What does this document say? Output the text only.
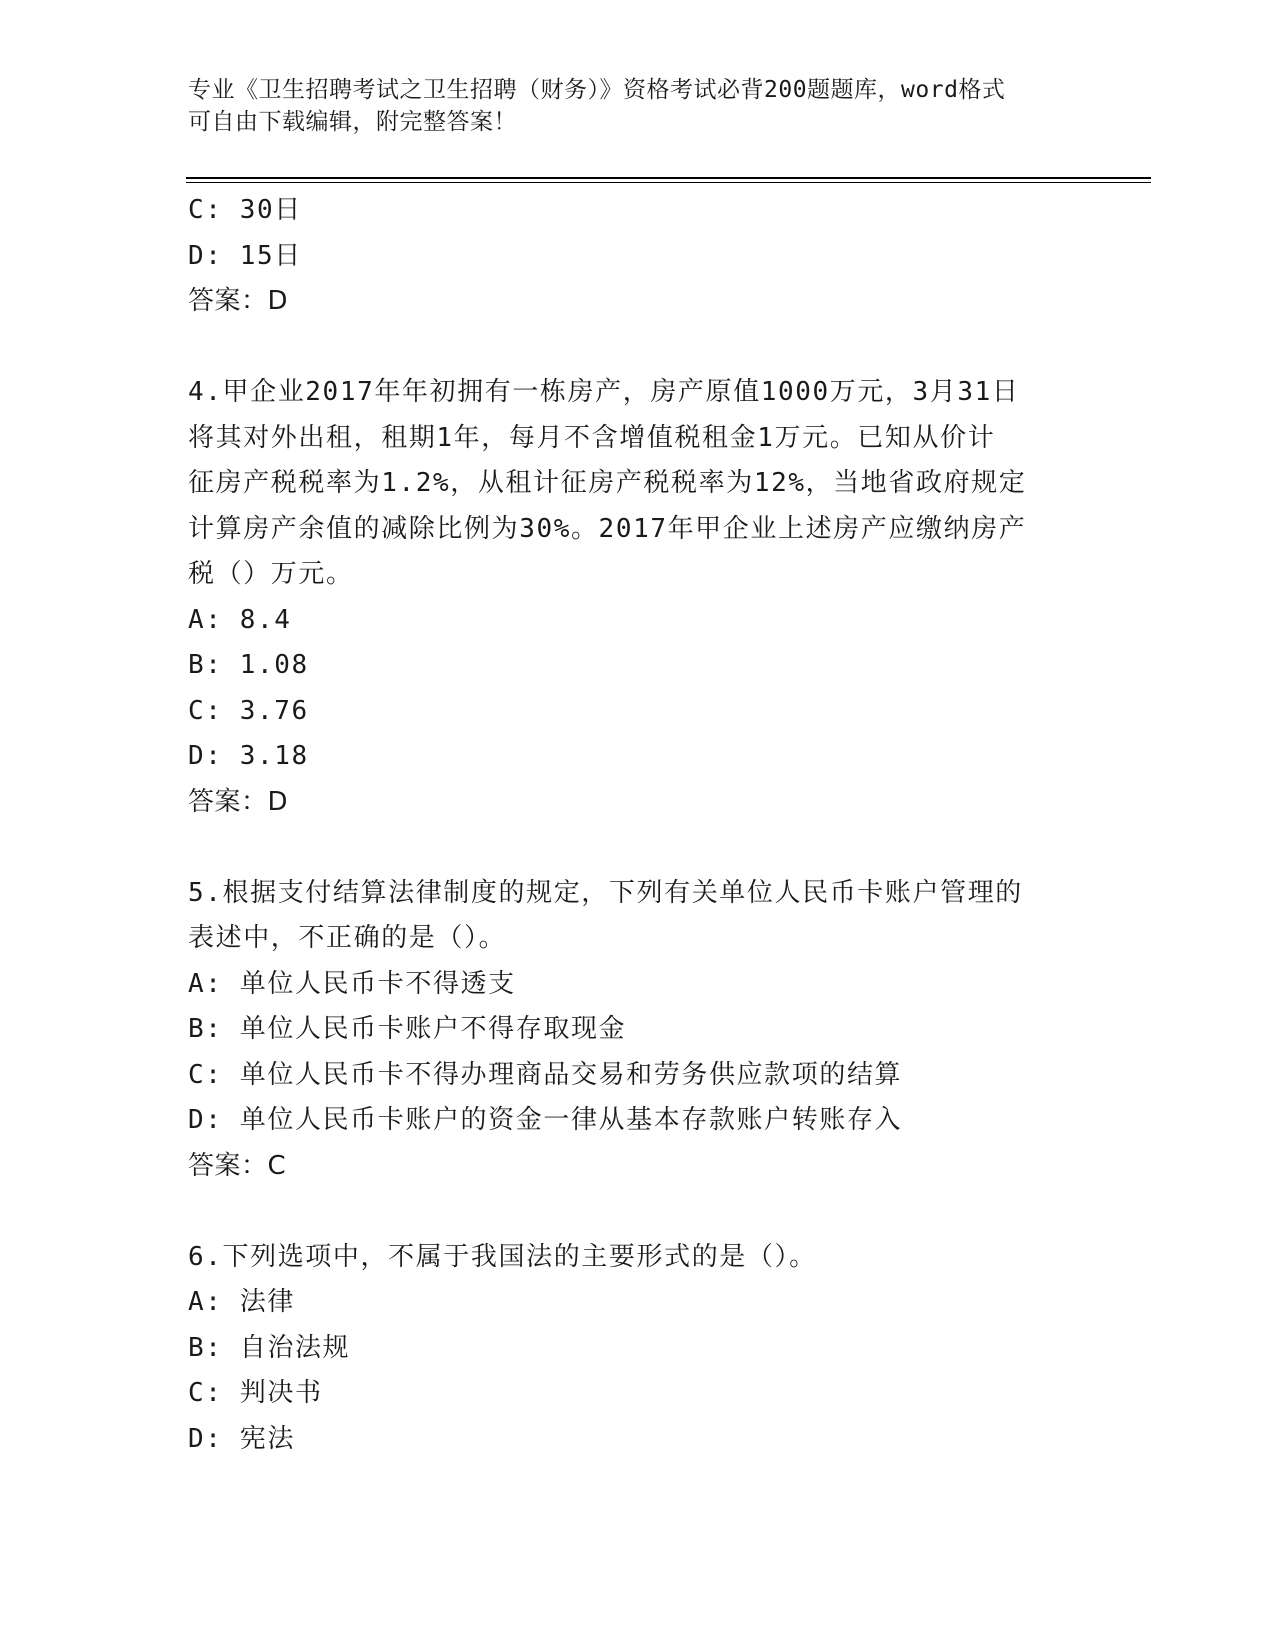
专业《卫生招聘考试之卫生招聘（财务）》资格考试必背200题题库，word格式
可自由下载编辑，附完整答案！
C: 30日
D: 15日
答案：D
4.甲企业2017年年初拥有一栋房产，房产原值1000万元，3月31日
将其对外出租，租期1年，每月不含增值税租金1万元。已知从价计
征房产税税率为1.2%，从租计征房产税税率为12%，当地省政府规定
计算房产余值的减除比例为30%。2017年甲企业上述房产应缴纳房产
税（）万元。
A: 8.4
B: 1.08
C: 3.76
D: 3.18
答案：D
5.根据支付结算法律制度的规定，下列有关单位人民币卡账户管理的
表述中，不正确的是（）。
A: 单位人民币卡不得透支
B: 单位人民币卡账户不得存取现金
C: 单位人民币卡不得办理商品交易和劳务供应款项的结算
D: 单位人民币卡账户的资金一律从基本存款账户转账存入
答案：C
6.下列选项中，不属于我国法的主要形式的是（）。
A: 法律
B: 自治法规
C: 判决书
D: 宪法
